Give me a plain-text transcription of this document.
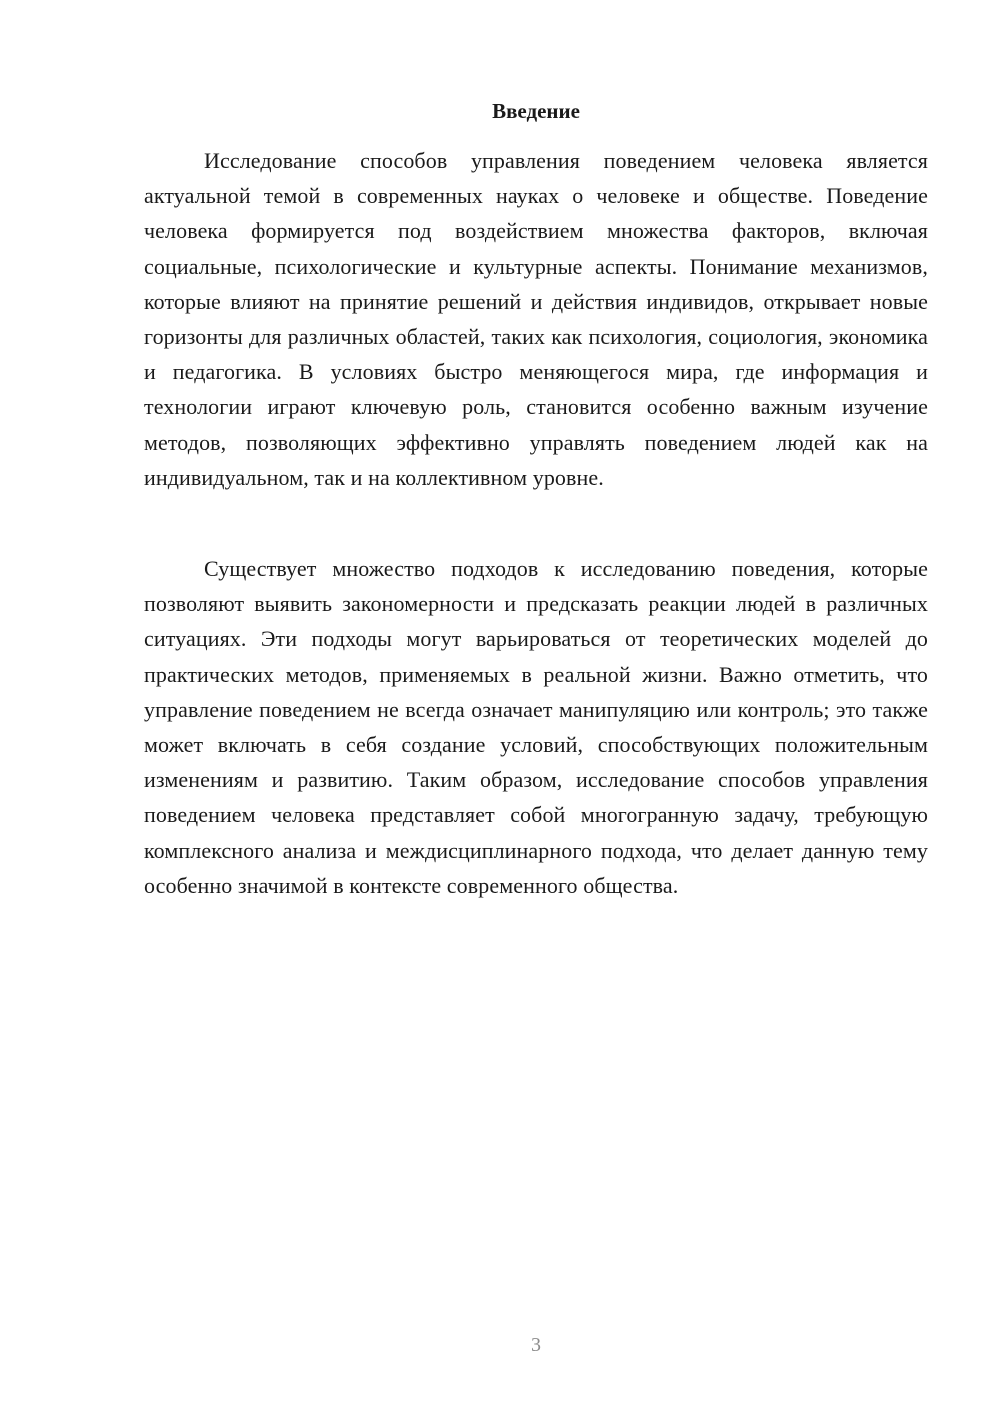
Введение

Исследование способов управления поведением человека является актуальной темой в современных науках о человеке и обществе. Поведение человека формируется под воздействием множества факторов, включая социальные, психологические и культурные аспекты. Понимание механизмов, которые влияют на принятие решений и действия индивидов, открывает новые горизонты для различных областей, таких как психология, социология, экономика и педагогика. В условиях быстро меняющегося мира, где информация и технологии играют ключевую роль, становится особенно важным изучение методов, позволяющих эффективно управлять поведением людей как на индивидуальном, так и на коллективном уровне.

Существует множество подходов к исследованию поведения, которые позволяют выявить закономерности и предсказать реакции людей в различных ситуациях. Эти подходы могут варьироваться от теоретических моделей до практических методов, применяемых в реальной жизни. Важно отметить, что управление поведением не всегда означает манипуляцию или контроль; это также может включать в себя создание условий, способствующих положительным изменениям и развитию. Таким образом, исследование способов управления поведением человека представляет собой многогранную задачу, требующую комплексного анализа и междисциплинарного подхода, что делает данную тему особенно значимой в контексте современного общества.

3
